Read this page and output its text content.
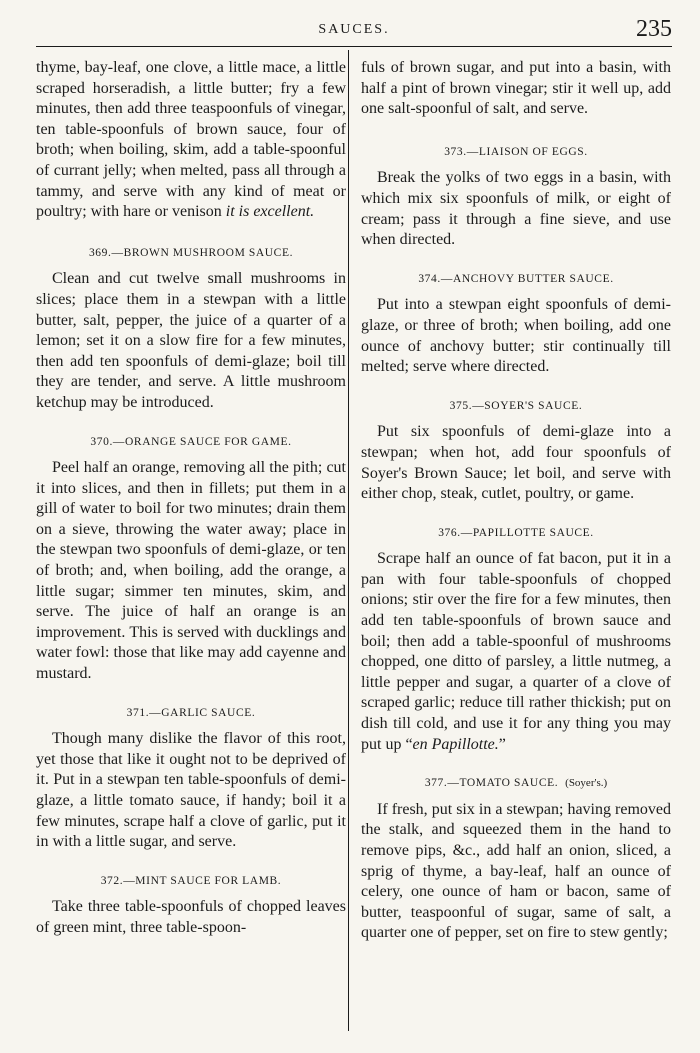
SAUCES.	235

thyme, bay-leaf, one clove, a little mace, a little scraped horseradish, a little butter; fry a few minutes, then add three teaspoonfuls of vinegar, ten table-spoonfuls of brown sauce, four of broth; when boiling, skim, add a table-spoonful of currant jelly; when melted, pass all through a tammy, and serve with any kind of meat or poultry; with hare or venison it is excellent.

369.—BROWN MUSHROOM SAUCE.

Clean and cut twelve small mushrooms in slices; place them in a stewpan with a little butter, salt, pepper, the juice of a quarter of a lemon; set it on a slow fire for a few minutes, then add ten spoonfuls of demi-glaze; boil till they are tender, and serve. A little mushroom ketchup may be introduced.

370.—ORANGE SAUCE FOR GAME.

Peel half an orange, removing all the pith; cut it into slices, and then in fillets; put them in a gill of water to boil for two minutes; drain them on a sieve, throwing the water away; place in the stewpan two spoonfuls of demi-glaze, or ten of broth; and, when boiling, add the orange, a little sugar; simmer ten minutes, skim, and serve. The juice of half an orange is an improvement. This is served with ducklings and water fowl: those that like may add cayenne and mustard.

371.—GARLIC SAUCE.

Though many dislike the flavor of this root, yet those that like it ought not to be deprived of it. Put in a stewpan ten table-spoonfuls of demi-glaze, a little tomato sauce, if handy; boil it a few minutes, scrape half a clove of garlic, put it in with a little sugar, and serve.

372.—MINT SAUCE FOR LAMB.

Take three table-spoonfuls of chopped leaves of green mint, three table-spoon-

fuls of brown sugar, and put into a basin, with half a pint of brown vinegar; stir it well up, add one salt-spoonful of salt, and serve.

373.—LIAISON OF EGGS.

Break the yolks of two eggs in a basin, with which mix six spoonfuls of milk, or eight of cream; pass it through a fine sieve, and use when directed.

374.—ANCHOVY BUTTER SAUCE.

Put into a stewpan eight spoonfuls of demi-glaze, or three of broth; when boiling, add one ounce of anchovy butter; stir continually till melted; serve where directed.

375.—SOYER'S SAUCE.

Put six spoonfuls of demi-glaze into a stewpan; when hot, add four spoonfuls of Soyer's Brown Sauce; let boil, and serve with either chop, steak, cutlet, poultry, or game.

376.—PAPILLOTTE SAUCE.

Scrape half an ounce of fat bacon, put it in a pan with four table-spoonfuls of chopped onions; stir over the fire for a few minutes, then add ten table-spoonfuls of brown sauce and boil; then add a table-spoonful of mushrooms chopped, one ditto of parsley, a little nutmeg, a little pepper and sugar, a quarter of a clove of scraped garlic; reduce till rather thickish; put on dish till cold, and use it for any thing you may put up “en Papillotte.”

377.—TOMATO SAUCE. (Soyer's.)

If fresh, put six in a stewpan; having removed the stalk, and squeezed them in the hand to remove pips, &c., add half an onion, sliced, a sprig of thyme, a bay-leaf, half an ounce of celery, one ounce of ham or bacon, same of butter, teaspoonful of sugar, same of salt, a quarter one of pepper, set on fire to stew gently;
